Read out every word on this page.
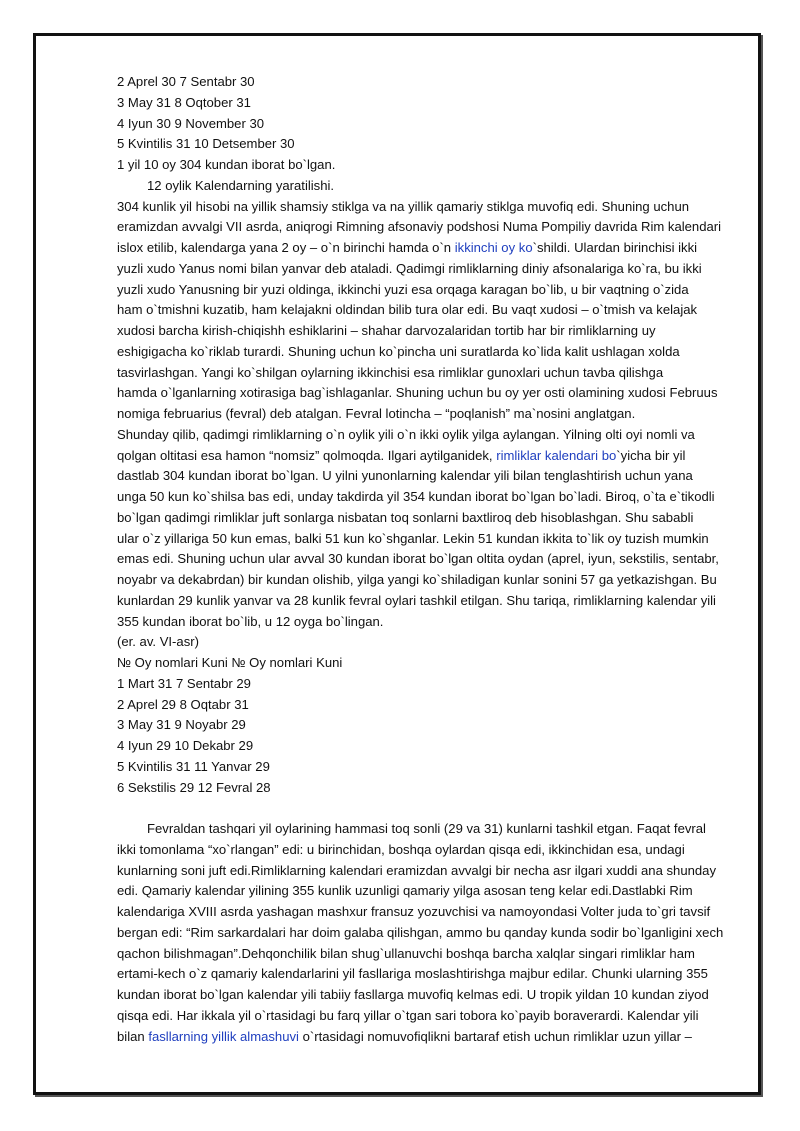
2 Aprel 30 7 Sentabr 30
3 May 31 8 Oqtober 31
4 Iyun 30 9 November 30
5 Kvintilis 31 10 Detsember 30
1 yil 10 oy 304 kundan iborat bo`lgan.
12 oylik Kalendarning yaratilishi.
304 kunlik yil hisobi na yillik shamsiy stiklga va na yillik qamariy stiklga muvofiq edi. Shuning uchun
eramizdan avvalgi VII asrda, aniqrogi Rimning afsonaviy podshosi Numa Pompiliy davrida Rim kalendari
islox etilib, kalendarga yana 2 oy – o`n birinchi hamda o`n ikkinchi oy ko`shildi. Ulardan birinchisi ikki
yuzli xudo Yanus nomi bilan yanvar deb ataladi. Qadimgi rimliklarning diniy afsonalariga ko`ra, bu ikki
yuzli xudo Yanusning bir yuzi oldinga, ikkinchi yuzi esa orqaga karagan bo`lib, u bir vaqtning o`zida
ham o`tmishni kuzatib, ham kelajakni oldindan bilib tura olar edi. Bu vaqt xudosi – o`tmish va kelajak
xudosi barcha kirish-chiqishh eshiklarini – shahar darvozalaridan tortib har bir rimliklarning uy
eshigigacha ko`riklab turardi. Shuning uchun ko`pincha uni suratlarda ko`lida kalit ushlagan xolda
tasvirlashgan. Yangi ko`shilgan oylarning ikkinchisi esa rimliklar gunoxlari uchun tavba qilishga
hamda o`lganlarning xotirasiga bag`ishlaganlar. Shuning uchun bu oy yer osti olamining xudosi Februus
nomiga februarius (fevral) deb atalgan. Fevral lotincha – “poqlanish” ma`nosini anglatgan.
Shunday qilib, qadimgi rimliklarning o`n oylik yili o`n ikki oylik yilga aylangan. Yilning olti oyi nomli va
qolgan oltitasi esa hamon “nomsiz” qolmoqda. Ilgari aytilganidek, rimliklar kalendari bo`yicha bir yil
dastlab 304 kundan iborat bo`lgan. U yilni yunonlarning kalendar yili bilan tenglashtirish uchun yana
unga 50 kun ko`shilsa bas edi, unday takdirda yil 354 kundan iborat bo`lgan bo`ladi. Biroq, o`ta e`tikodli
bo`lgan qadimgi rimliklar juft sonlarga nisbatan toq sonlarni baxtliroq deb hisoblashgan. Shu sababli
ular o`z yillariga 50 kun emas, balki 51 kun ko`shganlar. Lekin 51 kundan ikkita to`lik oy tuzish mumkin
emas edi. Shuning uchun ular avval 30 kundan iborat bo`lgan oltita oydan (aprel, iyun, sekstilis, sentabr,
noyabr va dekabrdan) bir kundan olishib, yilga yangi ko`shiladigan kunlar sonini 57 ga yetkazishgan. Bu
kunlardan 29 kunlik yanvar va 28 kunlik fevral oylari tashkil etilgan. Shu tariqa, rimliklarning kalendar yili
355 kundan iborat bo`lib, u 12 oyga bo`lingan.
(er. av. VI-asr)
№ Oy nomlari Kuni № Oy nomlari Kuni
1 Mart 31 7 Sentabr 29
2 Aprel 29 8 Oqtabr 31
3 May 31 9 Noyabr 29
4 Iyun 29 10 Dekabr 29
5 Kvintilis 31 11 Yanvar 29
6 Sekstilis 29 12 Fevral 28
Fevraldan tashqari yil oylarining hammasi toq sonli (29 va 31) kunlarni tashkil etgan. Faqat fevral
ikki tomonlama “xo`rlangan” edi: u birinchidan, boshqa oylardan qisqa edi, ikkinchidan esa, undagi
kunlarning soni juft edi.Rimliklarning kalendari eramizdan avvalgi bir necha asr ilgari xuddi ana shunday
edi. Qamariy kalendar yilining 355 kunlik uzunligi qamariy yilga asosan teng kelar edi.Dastlabki Rim
kalendariga XVIII asrda yashagan mashxur fransuz yozuvchisi va namoyondasi Volter juda to`gri tavsif
bergan edi: “Rim sarkardalari har doim galaba qilishgan, ammo bu qanday kunda sodir bo`lganligini xech
qachon bilishmagan”.Dehqonchilik bilan shug`ullanuvchi boshqa barcha xalqlar singari rimliklar ham
ertami-kech o`z qamariy kalendarlarini yil fasllariga moslashtirishga majbur edilar. Chunki ularning 355
kundan iborat bo`lgan kalendar yili tabiiy fasllarga muvofiq kelmas edi. U tropik yildan 10 kundan ziyod
qisqa edi. Har ikkala yil o`rtasidagi bu farq yillar o`tgan sari tobora ko`payib boraverardi. Kalendar yili
bilan fasllarning yillik almashuvi o`rtasidagi nomuvofiqlikni bartaraf etish uchun rimliklar uzun yillar –
